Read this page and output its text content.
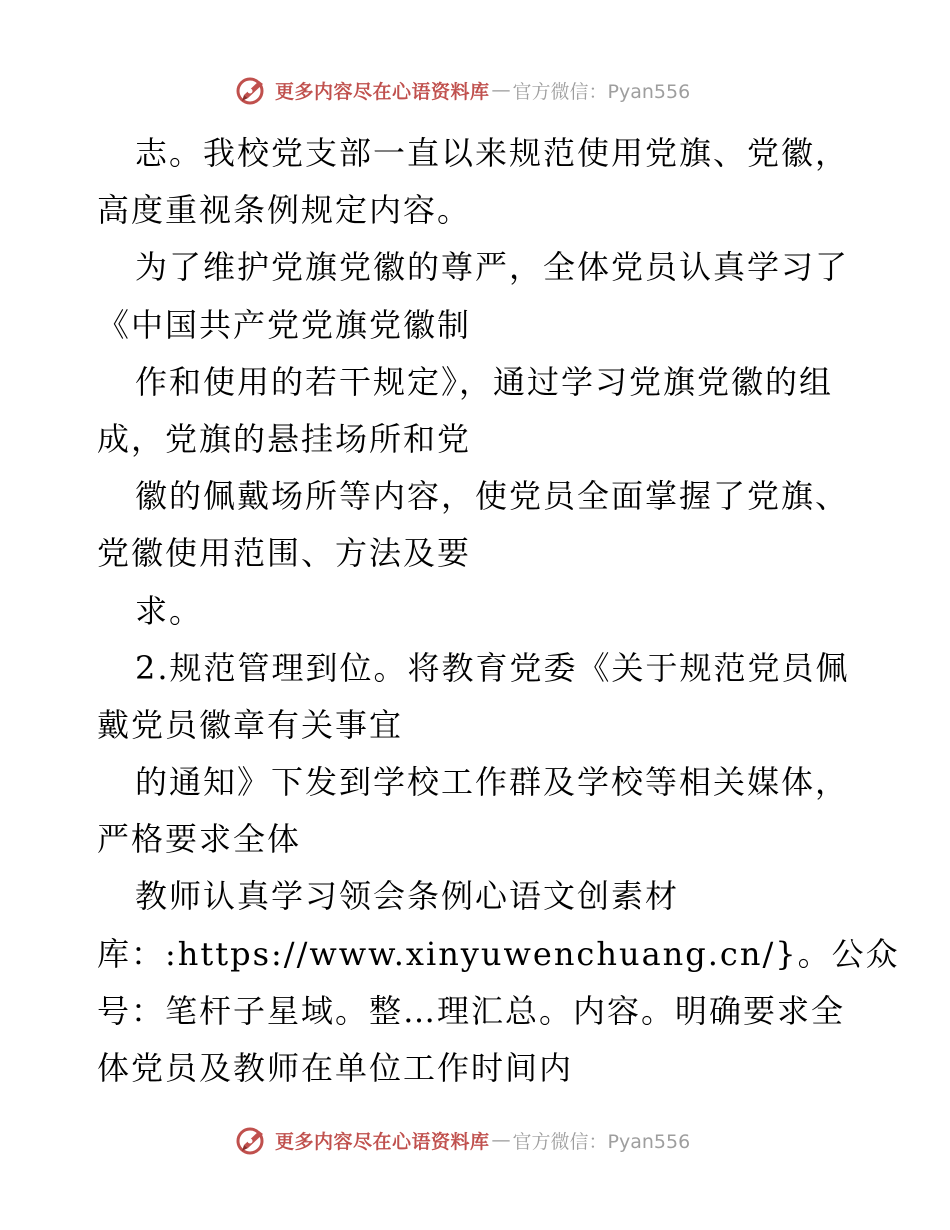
更多内容尽在心语资料库 — 官方微信：Pyan556
志。我校党支部一直以来规范使用党旗、党徽，
高度重视条例规定内容。
为了维护党旗党徽的尊严，全体党员认真学习了
《中国共产党党旗党徽制
作和使用的若干规定》，通过学习党旗党徽的组
成，党旗的悬挂场所和党
徽的佩戴场所等内容，使党员全面掌握了党旗、
党徽使用范围、方法及要
求。
2.规范管理到位。将教育党委《关于规范党员佩
戴党员徽章有关事宜
的通知》下发到学校工作群及学校等相关媒体，
严格要求全体
教师认真学习领会条例心语文创素材
库：:https://www.xinyuwenchuang.cn/}。公众
号：笔杆子星域。整…理汇总。内容。明确要求全
体党员及教师在单位工作时间内
更多内容尽在心语资料库 — 官方微信：Pyan556
